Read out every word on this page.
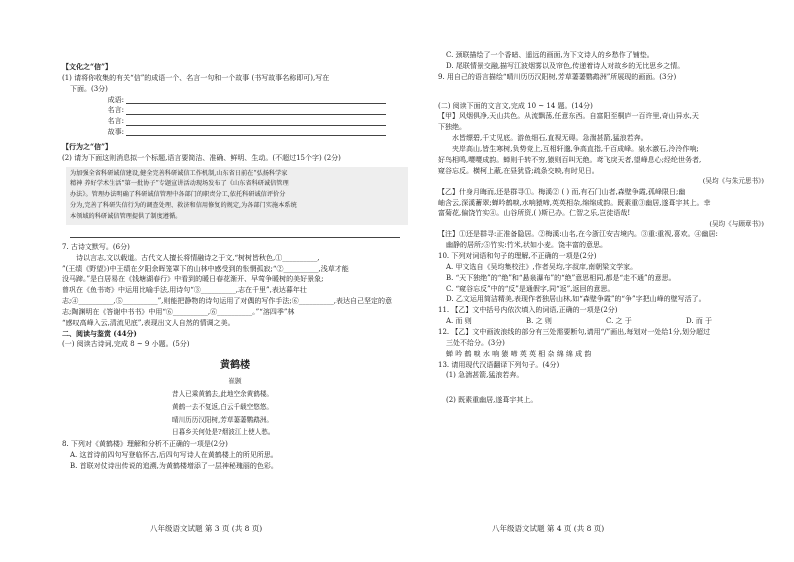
【文化之“信”】
(1) 请将你收集的有关“信”的成语一个、名言一句和一个故事 (书写故事名称即可),写在
下面。(3分)
成语:
名言:
名言:
故事:
【行为之“信”】
(2) 请为下面这则消息拟一个标题,语言要简洁、准确、鲜明、生动。(不超过15个字) (2分)
为加强全省科研诚信建设,健全完善科研诚信工作机制,山东省日前在“弘扬科学家
精神 养好学术生活”第一批协子”专题宣讲活动现场发布了《山东省科研诚信管理
办法》。管理办法明确了科研诚信管理中各部门的职责分工,依托科研诚信评价分
分为,完善了科研失信行为的调查处理、救济和信用修复的规定,为各部门实施本系统
本领域的科研诚信管理提供了制度遵循。
7. 古诗文默写。(6分)
诗以言志,文以载道。古代文人擅长将情融诗之于文,“树树皆秋色,①__________,
”(王绩《野望》)中王绩在夕阳余晖笼罩下的山林中感受到的怅惘孤寂;“②__________,浅草才能
没马蹄。”是白居易在《钱塘湖春行》中看到的暖日春花渐开、早莺争暖树的美好景象;
曾巩在《鱼书寄》中运用比喻手法,用诗句“③__________,志在千里”,表达暮年壮
志;④__________,⑤__________”,则能把静物的诗句运用了对偶的写作手法;⑥__________,表达自己坚定的意
志;陶渊明在《答谢中书书》中用“⑥__________,⑥__________。”“溶四季”林
“感叹高峰入云,清流见底”,表现出文人自然的情调之美。
二、阅读与鉴赏 (44分)
(一) 阅读古诗词,完成 8 ~ 9 小题。(5分)
黄鹤楼
崔颢
昔人已乘黄鹤去,此地空余黄鹤楼。
黄鹤一去不复返,白云千载空悠悠。
晴川历历汉阳树,芳草萋萋鹦鹉洲。
日暮乡关何处是?烟波江上使人愁。
8. 下列对《黄鹤楼》理解和分析不正确的一项是(2分)
A. 这首诗前四句写登临怀古,后四句写诗人在黄鹤楼上的所见所思。
B. 首联对仗诗出传说的追溯,为黄鹤楼增添了一层神秘瑰丽的色彩。
八年级语文试题 第 3 页 (共 8 页)
C. 颈联描绘了一个香暗、遥远的画面,为下文诗人的乡愁作了铺垫。
D. 尾联情景交融,描写江波烟雾以及帘色,传递着诗人对故乡的无比思乡之情。
9. 用自己的语言描绘“晴川历历汉阳树,芳草萋萋鹦鹉洲”所展现的画面。(3分)
(二) 阅读下面的文言文,完成 10 ~ 14 题。(14分)
【甲】风烟俱净,天山共色。从流飘荡,任意东西。自富阳至桐庐一百许里,奇山异水,天
下独绝。
水皆缥碧,千丈见底。游鱼细石,直视无碍。急湍甚箭,猛浪若奔。
夹岸高山,皆生寒树,负势竞上,互相轩邈,争高直指,千百成峰。泉水激石,泠泠作响;
好鸟相鸣,嘤嘤成韵。蝉则千转不穷,猿则百叫无绝。鸢飞戾天者,望峰息心;经纶世务者,
窥谷忘反。横柯上蔽,在昼犹昏;疏条交映,有时见日。
(吴均《与朱元思书》)
【乙】什身月晦而,还是群寻①。梅溪② ( ) 而,有石门山者,森壁争霞,孤峰限日;幽
岫含云,深溪蓄翠;蝉吟鹤唳,水响猿啼,英英相杂,绵绵成韵。既素重③幽居,遂葺宇其上。幸
富菊花,偏饶竹实④。山谷所资,( )斯已办。仁智之乐,岂徒语哉!
(吴均《与顾章书》)
【注】①还是群寻:正准备隐居。②梅溪:山名,在今浙江安吉境内。③重:重视,喜欢。④幽居:
幽静的居所;⑤竹实:竹米,状如小麦。饶丰富的意思。
10. 下列对词语和句子的理解,不正确的一项是(2分)
A. 甲文选自《吴均集校注》,作者吴均,字叔庠,南朝梁文学家。
B. “天下独绝”的“绝”和“悬泉瀑布”的“绝”意思相同,都是“走不通”的意思。
C. “窥谷忘反”中的“反”是通假字,同“返”,返回的意思。
D. 乙文运用简洁精美,表现作者独居山林,如“森壁争霞”的“争”字把山峰的壁写活了。
11. 【乙】文中括号内依次填入的词语,正确的一项是(2分)
A. 而 则	B. 之 则	C. 之 于	D. 而 于
12. 【乙】文中画波浪线的部分有三处需要断句,请用“/”画出,每划对一处给1分,划分超过
三处不给分。(3分)
蝉 吟 鹤 唳 水 响 猿 啼 英 英 相 杂 绵 绵 成 韵
13. 请用现代汉语翻译下列句子。(4分)
(1) 急湍甚箭,猛浪若奔。
(2) 既素重幽居,遂葺宇其上。
八年级语文试题 第 4 页 (共 8 页)
